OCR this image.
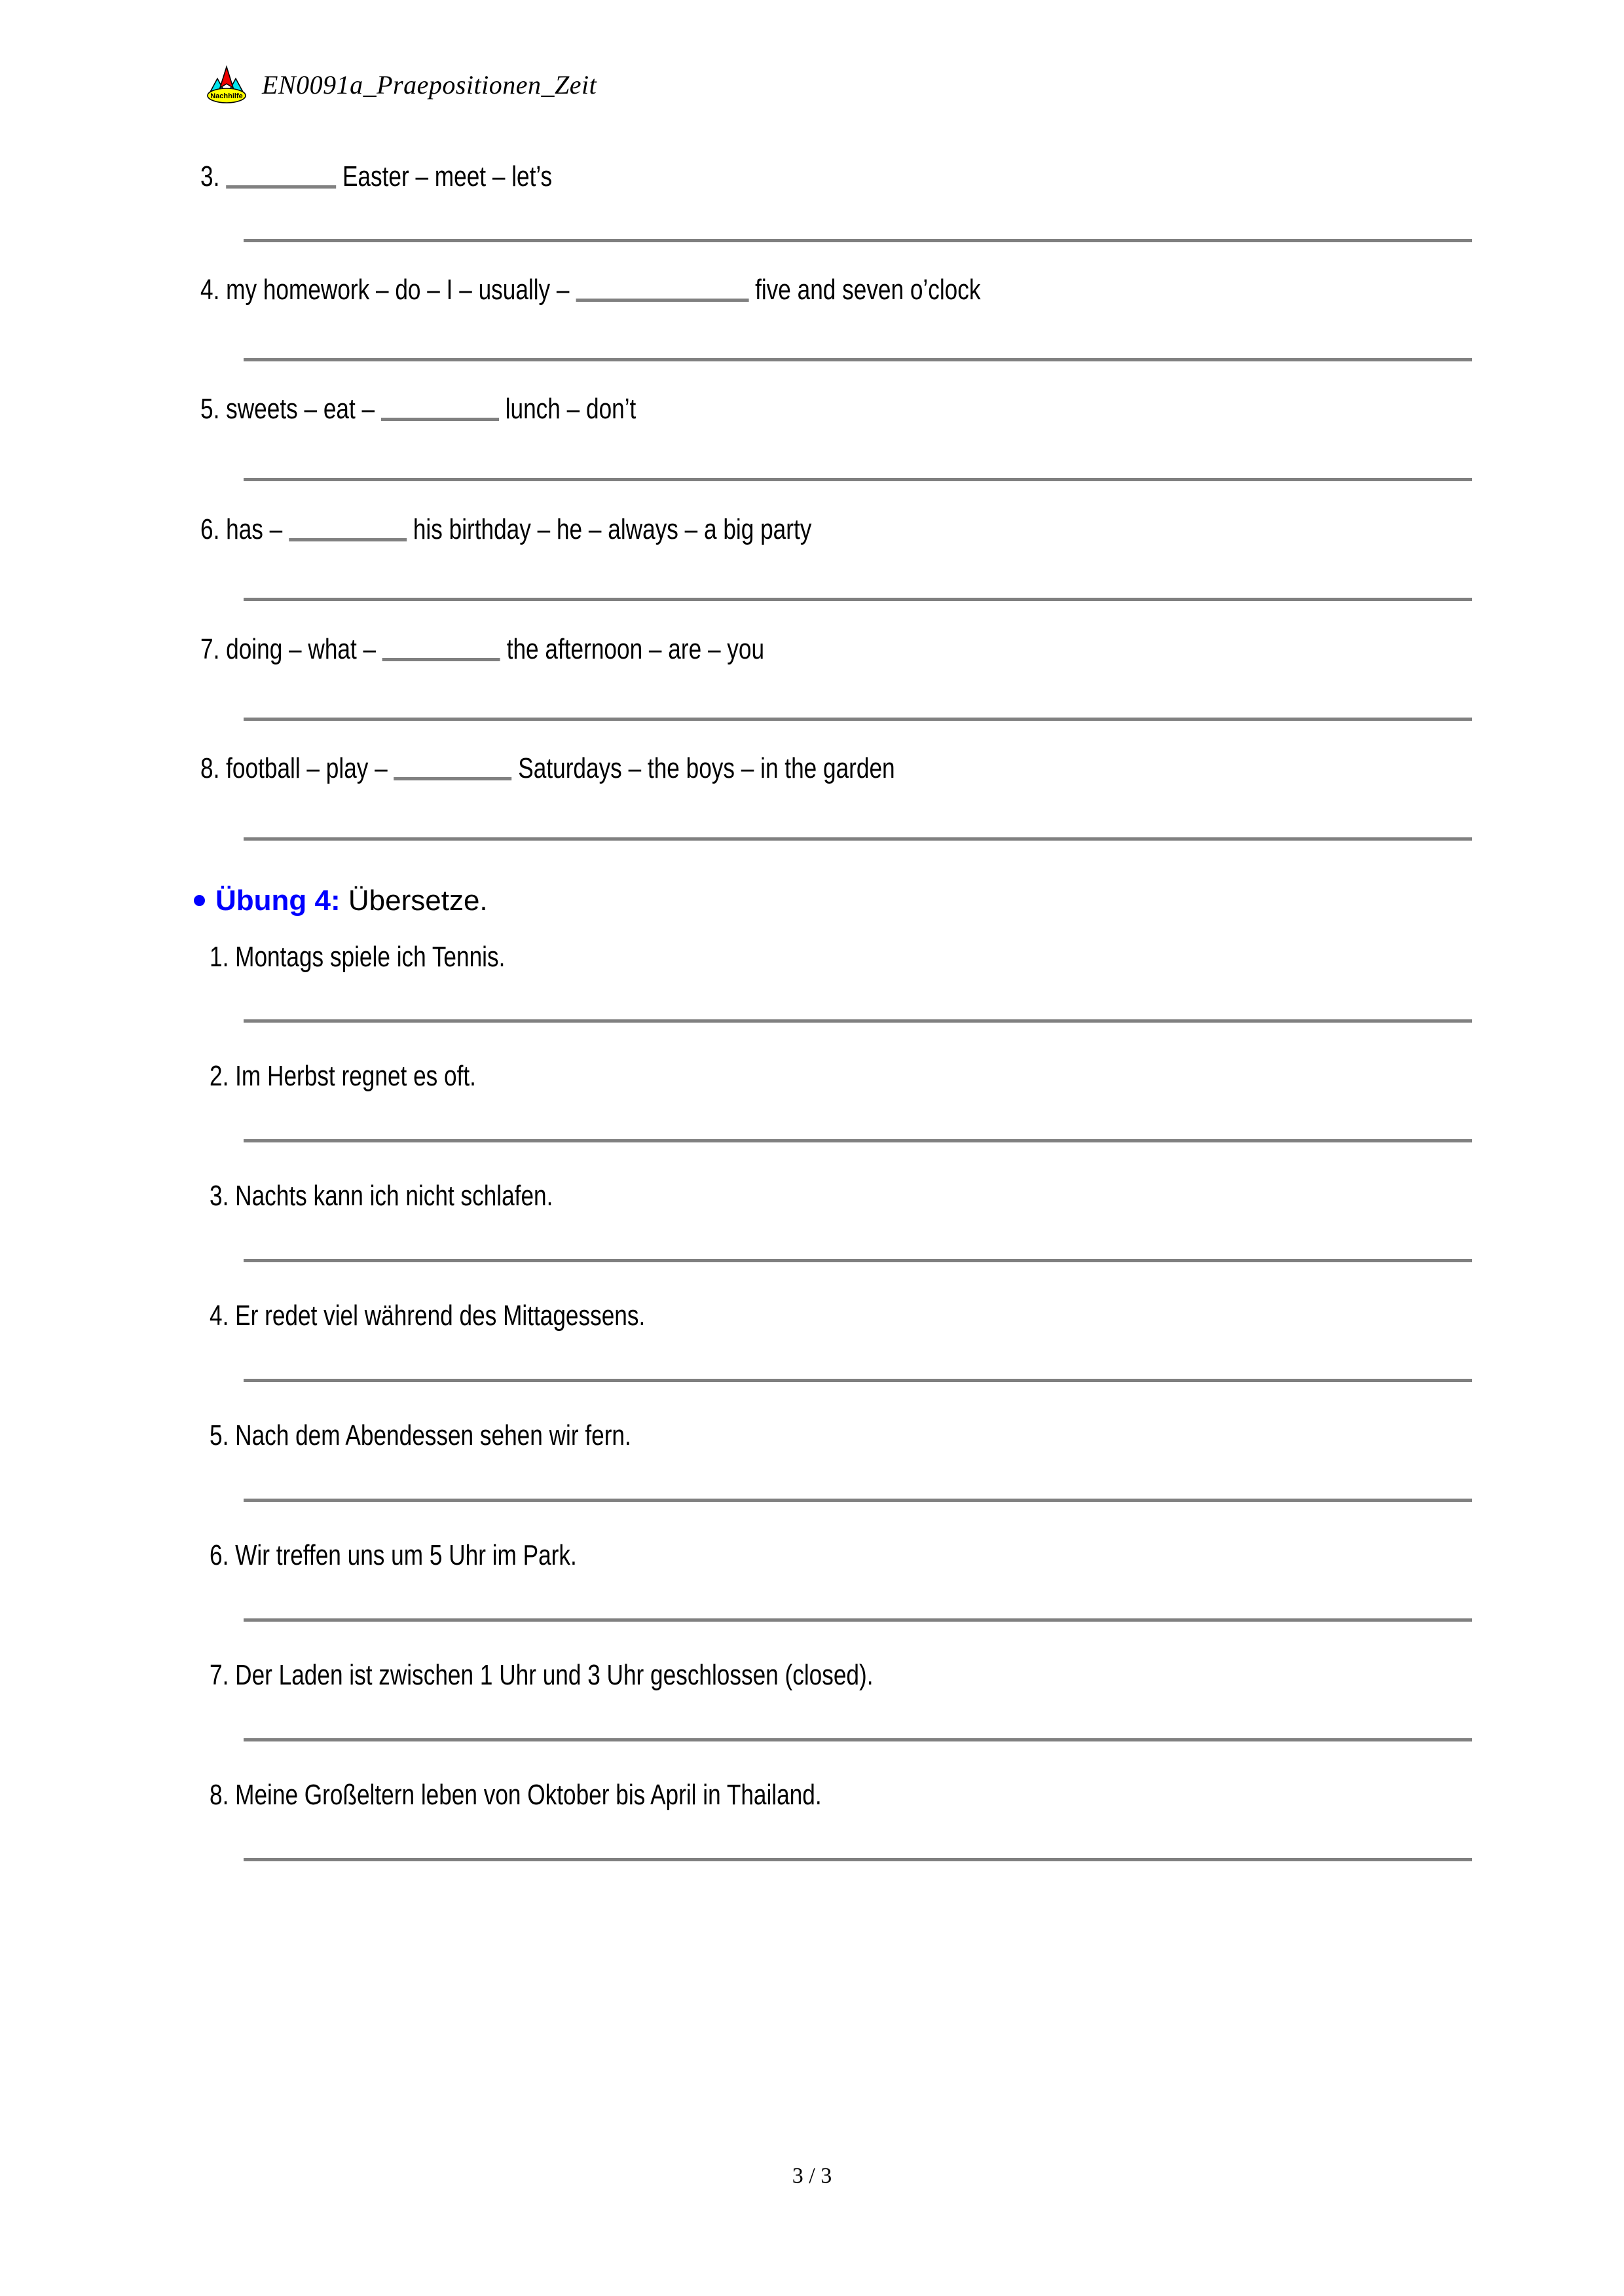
Nachhilfe EN0091a_Praepositionen_Zeit
3.	Easter – meet – let’s
4. my homework – do – I – usually –	five and seven o’clock
5. sweets – eat –	lunch – don’t
6. has –	his birthday – he – always – a big party
7. doing – what –	the afternoon – are – you
8. football – play –	Saturdays – the boys – in the garden
Übung 4: Übersetze.
1. Montags spiele ich Tennis.
2. Im Herbst regnet es oft.
3. Nachts kann ich nicht schlafen.
4. Er redet viel während des Mittagessens.
5. Nach dem Abendessen sehen wir fern.
6. Wir treffen uns um 5 Uhr im Park.
7. Der Laden ist zwischen 1 Uhr und 3 Uhr geschlossen (closed).
8. Meine Großeltern leben von Oktober bis April in Thailand.
3 / 3
